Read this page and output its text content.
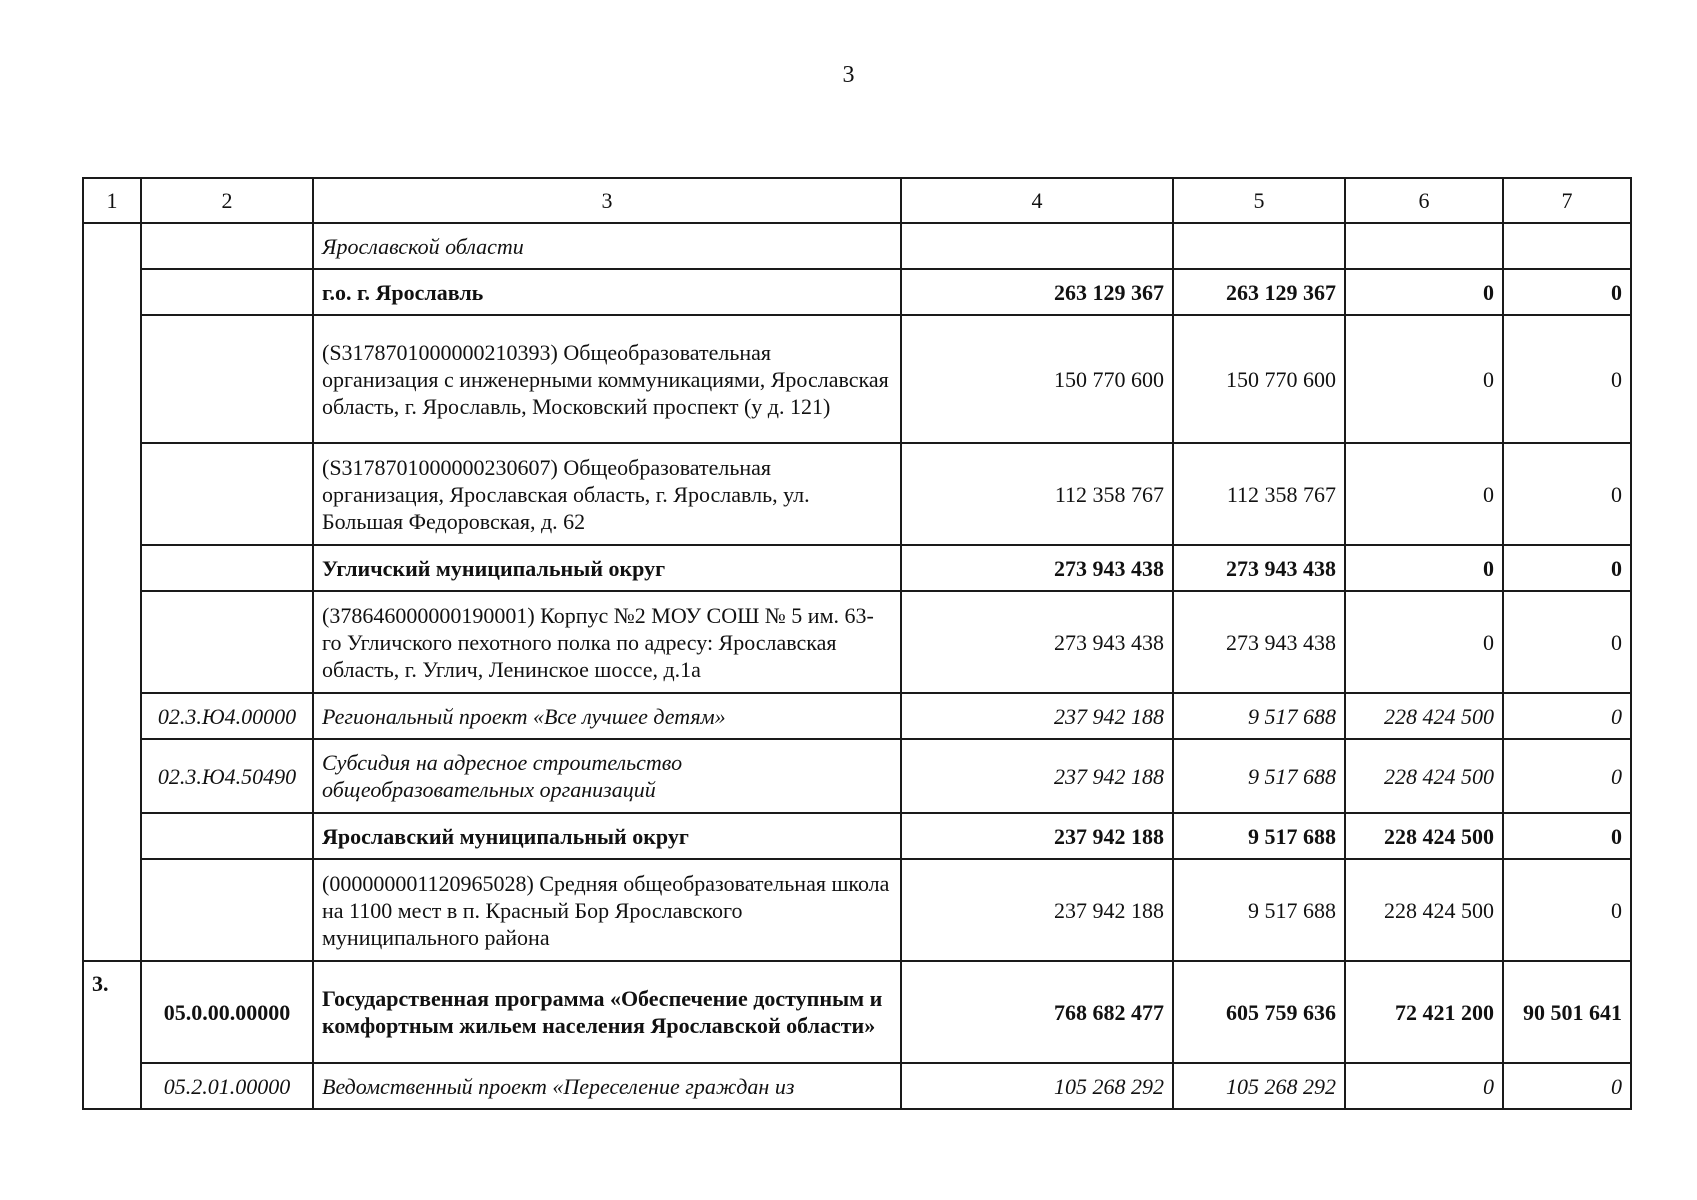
3
1	2	3	4	5	6	7
		Ярославской области				
		г.о. г. Ярославль	263 129 367	263 129 367	0	0
		(S3178701000000210393) Общеобразовательная организация с инженерными коммуникациями, Ярославская область, г. Ярославль, Московский проспект (у д. 121)	150 770 600	150 770 600	0	0
		(S3178701000000230607) Общеобразовательная организация, Ярославская область, г. Ярославль, ул. Большая Федоровская, д. 62	112 358 767	112 358 767	0	0
		Угличский муниципальный округ	273 943 438	273 943 438	0	0
		(378646000000190001) Корпус №2 МОУ СОШ № 5 им. 63-го Угличского пехотного полка по адресу: Ярославская область, г. Углич, Ленинское шоссе, д.1а	273 943 438	273 943 438	0	0
	02.3.Ю4.00000	Региональный проект «Все лучшее детям»	237 942 188	9 517 688	228 424 500	0
	02.3.Ю4.50490	Субсидия на адресное строительство общеобразовательных организаций	237 942 188	9 517 688	228 424 500	0
		Ярославский муниципальный округ	237 942 188	9 517 688	228 424 500	0
		(000000001120965028) Средняя общеобразовательная школа на 1100 мест в п. Красный Бор Ярославского муниципального района	237 942 188	9 517 688	228 424 500	0
3.	05.0.00.00000	Государственная программа «Обеспечение доступным и комфортным жильем населения Ярославской области»	768 682 477	605 759 636	72 421 200	90 501 641
	05.2.01.00000	Ведомственный проект «Переселение граждан из	105 268 292	105 268 292	0	0
